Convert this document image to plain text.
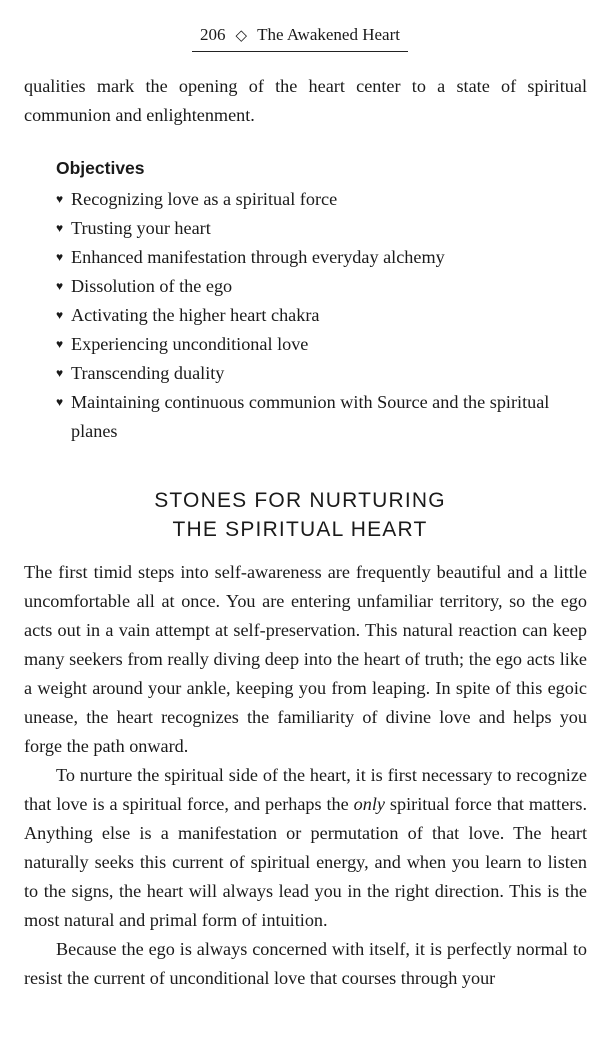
206 ◇ The Awakened Heart
qualities mark the opening of the heart center to a state of spiritual communion and enlightenment.
Objectives
♥ Recognizing love as a spiritual force
♥ Trusting your heart
♥ Enhanced manifestation through everyday alchemy
♥ Dissolution of the ego
♥ Activating the higher heart chakra
♥ Experiencing unconditional love
♥ Transcending duality
♥ Maintaining continuous communion with Source and the spiritual planes
STONES FOR NURTURING
THE SPIRITUAL HEART

The first timid steps into self-awareness are frequently beautiful and a little uncomfortable all at once. You are entering unfamiliar territory, so the ego acts out in a vain attempt at self-preservation. This natural reaction can keep many seekers from really diving deep into the heart of truth; the ego acts like a weight around your ankle, keeping you from leaping. In spite of this egoic unease, the heart recognizes the familiarity of divine love and helps you forge the path onward.

To nurture the spiritual side of the heart, it is first necessary to recognize that love is a spiritual force, and perhaps the only spiritual force that matters. Anything else is a manifestation or permutation of that love. The heart naturally seeks this current of spiritual energy, and when you learn to listen to the signs, the heart will always lead you in the right direction. This is the most natural and primal form of intuition.

Because the ego is always concerned with itself, it is perfectly normal to resist the current of unconditional love that courses through your
